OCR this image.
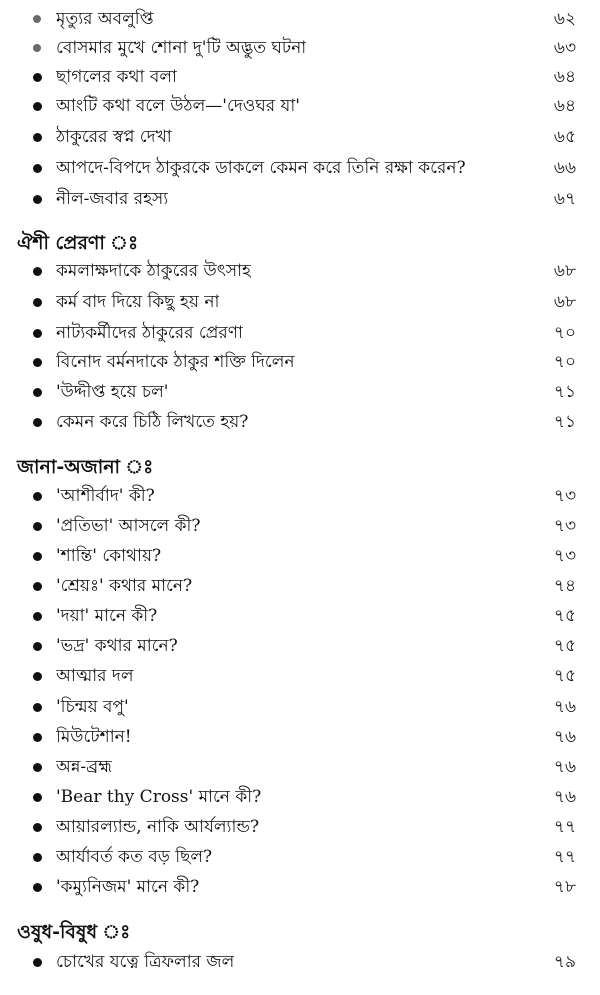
মৃত্যুর অবলুপ্তি	৬২
বোসমার মুখে শোনা দু'টি অদ্ভুত ঘটনা	৬৩
ছাগলের কথা বলা	৬৪
আংটি কথা বলে উঠল—'দেওঘর যা'	৬৪
ঠাকুরের স্বপ্ন দেখা	৬৫
আপদে-বিপদে ঠাকুরকে ডাকলে কেমন করে তিনি রক্ষা করেন?	৬৬
নীল-জবার রহস্য	৬৭
ঐশী প্রেরণা ঃ
কমলাক্ষদাকে ঠাকুরের উৎসাহ	৬৮
কর্ম বাদ দিয়ে কিছু হয় না	৬৮
নাট্যকর্মীদের ঠাকুরের প্রেরণা	৭০
বিনোদ বর্মনদাকে ঠাকুর শক্তি দিলেন	৭০
'উদ্দীপ্ত হয়ে চল'	৭১
কেমন করে চিঠি লিখতে হয়?	৭১
জানা-অজানা ঃ
'আশীর্বাদ' কী?	৭৩
'প্রতিভা' আসলে কী?	৭৩
'শান্তি' কোথায়?	৭৩
'শ্রেয়ঃ' কথার মানে?	৭৪
'দয়া' মানে কী?	৭৫
'ভদ্র' কথার মানে?	৭৫
আত্মার দল	৭৫
'চিন্ময় বপু'	৭৬
মিউটেশান!	৭৬
অন্ন-ব্রহ্ম	৭৬
'Bear thy Cross' মানে কী?	৭৬
আয়ারল্যান্ড, নাকি আর্যল্যান্ড?	৭৭
আর্যাবর্ত কত বড় ছিল?	৭৭
'কম্যুনিজম' মানে কী?	৭৮
ওষুধ-বিষুধ ঃ
চোখের যত্নে ত্রিফলার জল	৭৯
